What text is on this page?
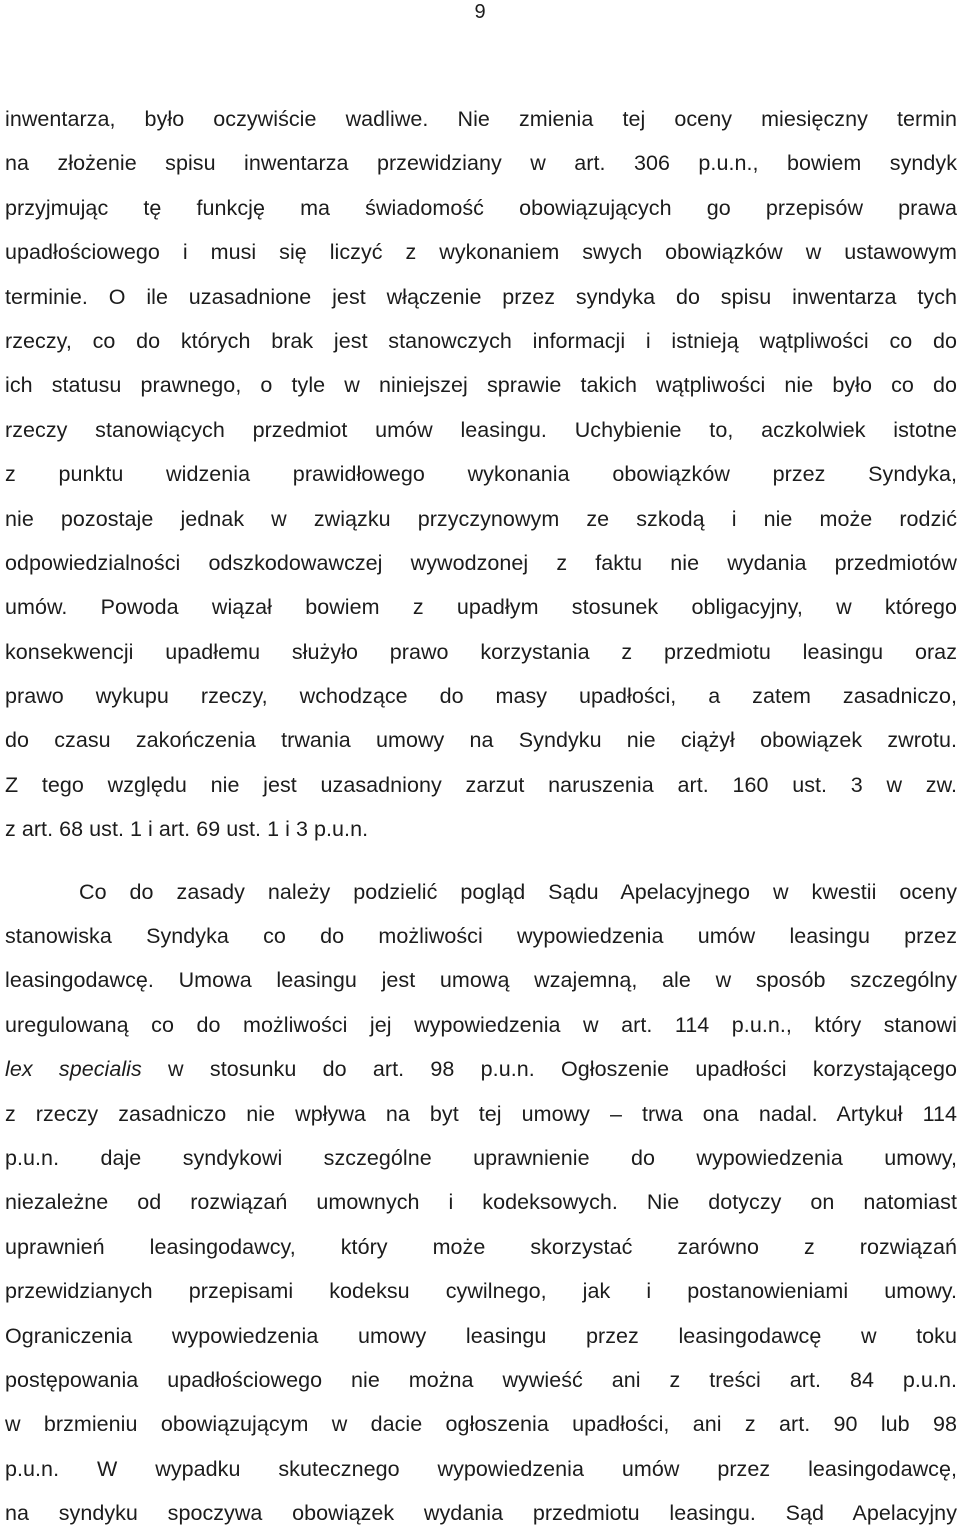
9
inwentarza, było oczywiście wadliwe. Nie zmienia tej oceny miesięczny termin
na złożenie spisu inwentarza przewidziany w art. 306 p.u.n., bowiem syndyk
przyjmując tę funkcję ma świadomość obowiązujących go przepisów prawa
upadłościowego i musi się liczyć z wykonaniem swych obowiązków w ustawowym
terminie. O ile uzasadnione jest włączenie przez syndyka do spisu inwentarza tych
rzeczy, co do których brak jest stanowczych informacji i istnieją wątpliwości co do
ich statusu prawnego, o tyle w niniejszej sprawie takich wątpliwości nie było co do
rzeczy stanowiących przedmiot umów leasingu. Uchybienie to, aczkolwiek istotne
z punktu widzenia prawidłowego wykonania obowiązków przez Syndyka,
nie pozostaje jednak w związku przyczynowym ze szkodą i nie może rodzić
odpowiedzialności odszkodowawczej wywodzonej z faktu nie wydania przedmiotów
umów. Powoda wiązał bowiem z upadłym stosunek obligacyjny, w którego
konsekwencji upadłemu służyło prawo korzystania z przedmiotu leasingu oraz
prawo wykupu rzeczy, wchodzące do masy upadłości, a zatem zasadniczo,
do czasu zakończenia trwania umowy na Syndyku nie ciążył obowiązek zwrotu.
Z tego względu nie jest uzasadniony zarzut naruszenia art. 160 ust. 3 w zw.
z art. 68 ust. 1 i art. 69 ust. 1 i 3 p.u.n.
Co do zasady należy podzielić pogląd Sądu Apelacyjnego w kwestii oceny
stanowiska Syndyka co do możliwości wypowiedzenia umów leasingu przez
leasingodawcę. Umowa leasingu jest umową wzajemną, ale w sposób szczególny
uregulowaną co do możliwości jej wypowiedzenia w art. 114 p.u.n., który stanowi
lex specialis w stosunku do art. 98 p.u.n. Ogłoszenie upadłości korzystającego
z rzeczy zasadniczo nie wpływa na byt tej umowy – trwa ona nadal. Artykuł 114
p.u.n. daje syndykowi szczególne uprawnienie do wypowiedzenia umowy,
niezależne od rozwiązań umownych i kodeksowych. Nie dotyczy on natomiast
uprawnień leasingodawcy, który może skorzystać zarówno z rozwiązań
przewidzianych przepisami kodeksu cywilnego, jak i postanowieniami umowy.
Ograniczenia wypowiedzenia umowy leasingu przez leasingodawcę w toku
postępowania upadłościowego nie można wywieść ani z treści art. 84 p.u.n.
w brzmieniu obowiązującym w dacie ogłoszenia upadłości, ani z art. 90 lub 98
p.u.n. W wypadku skutecznego wypowiedzenia umów przez leasingodawcę,
na syndyku spoczywa obowiązek wydania przedmiotu leasingu. Sąd Apelacyjny
